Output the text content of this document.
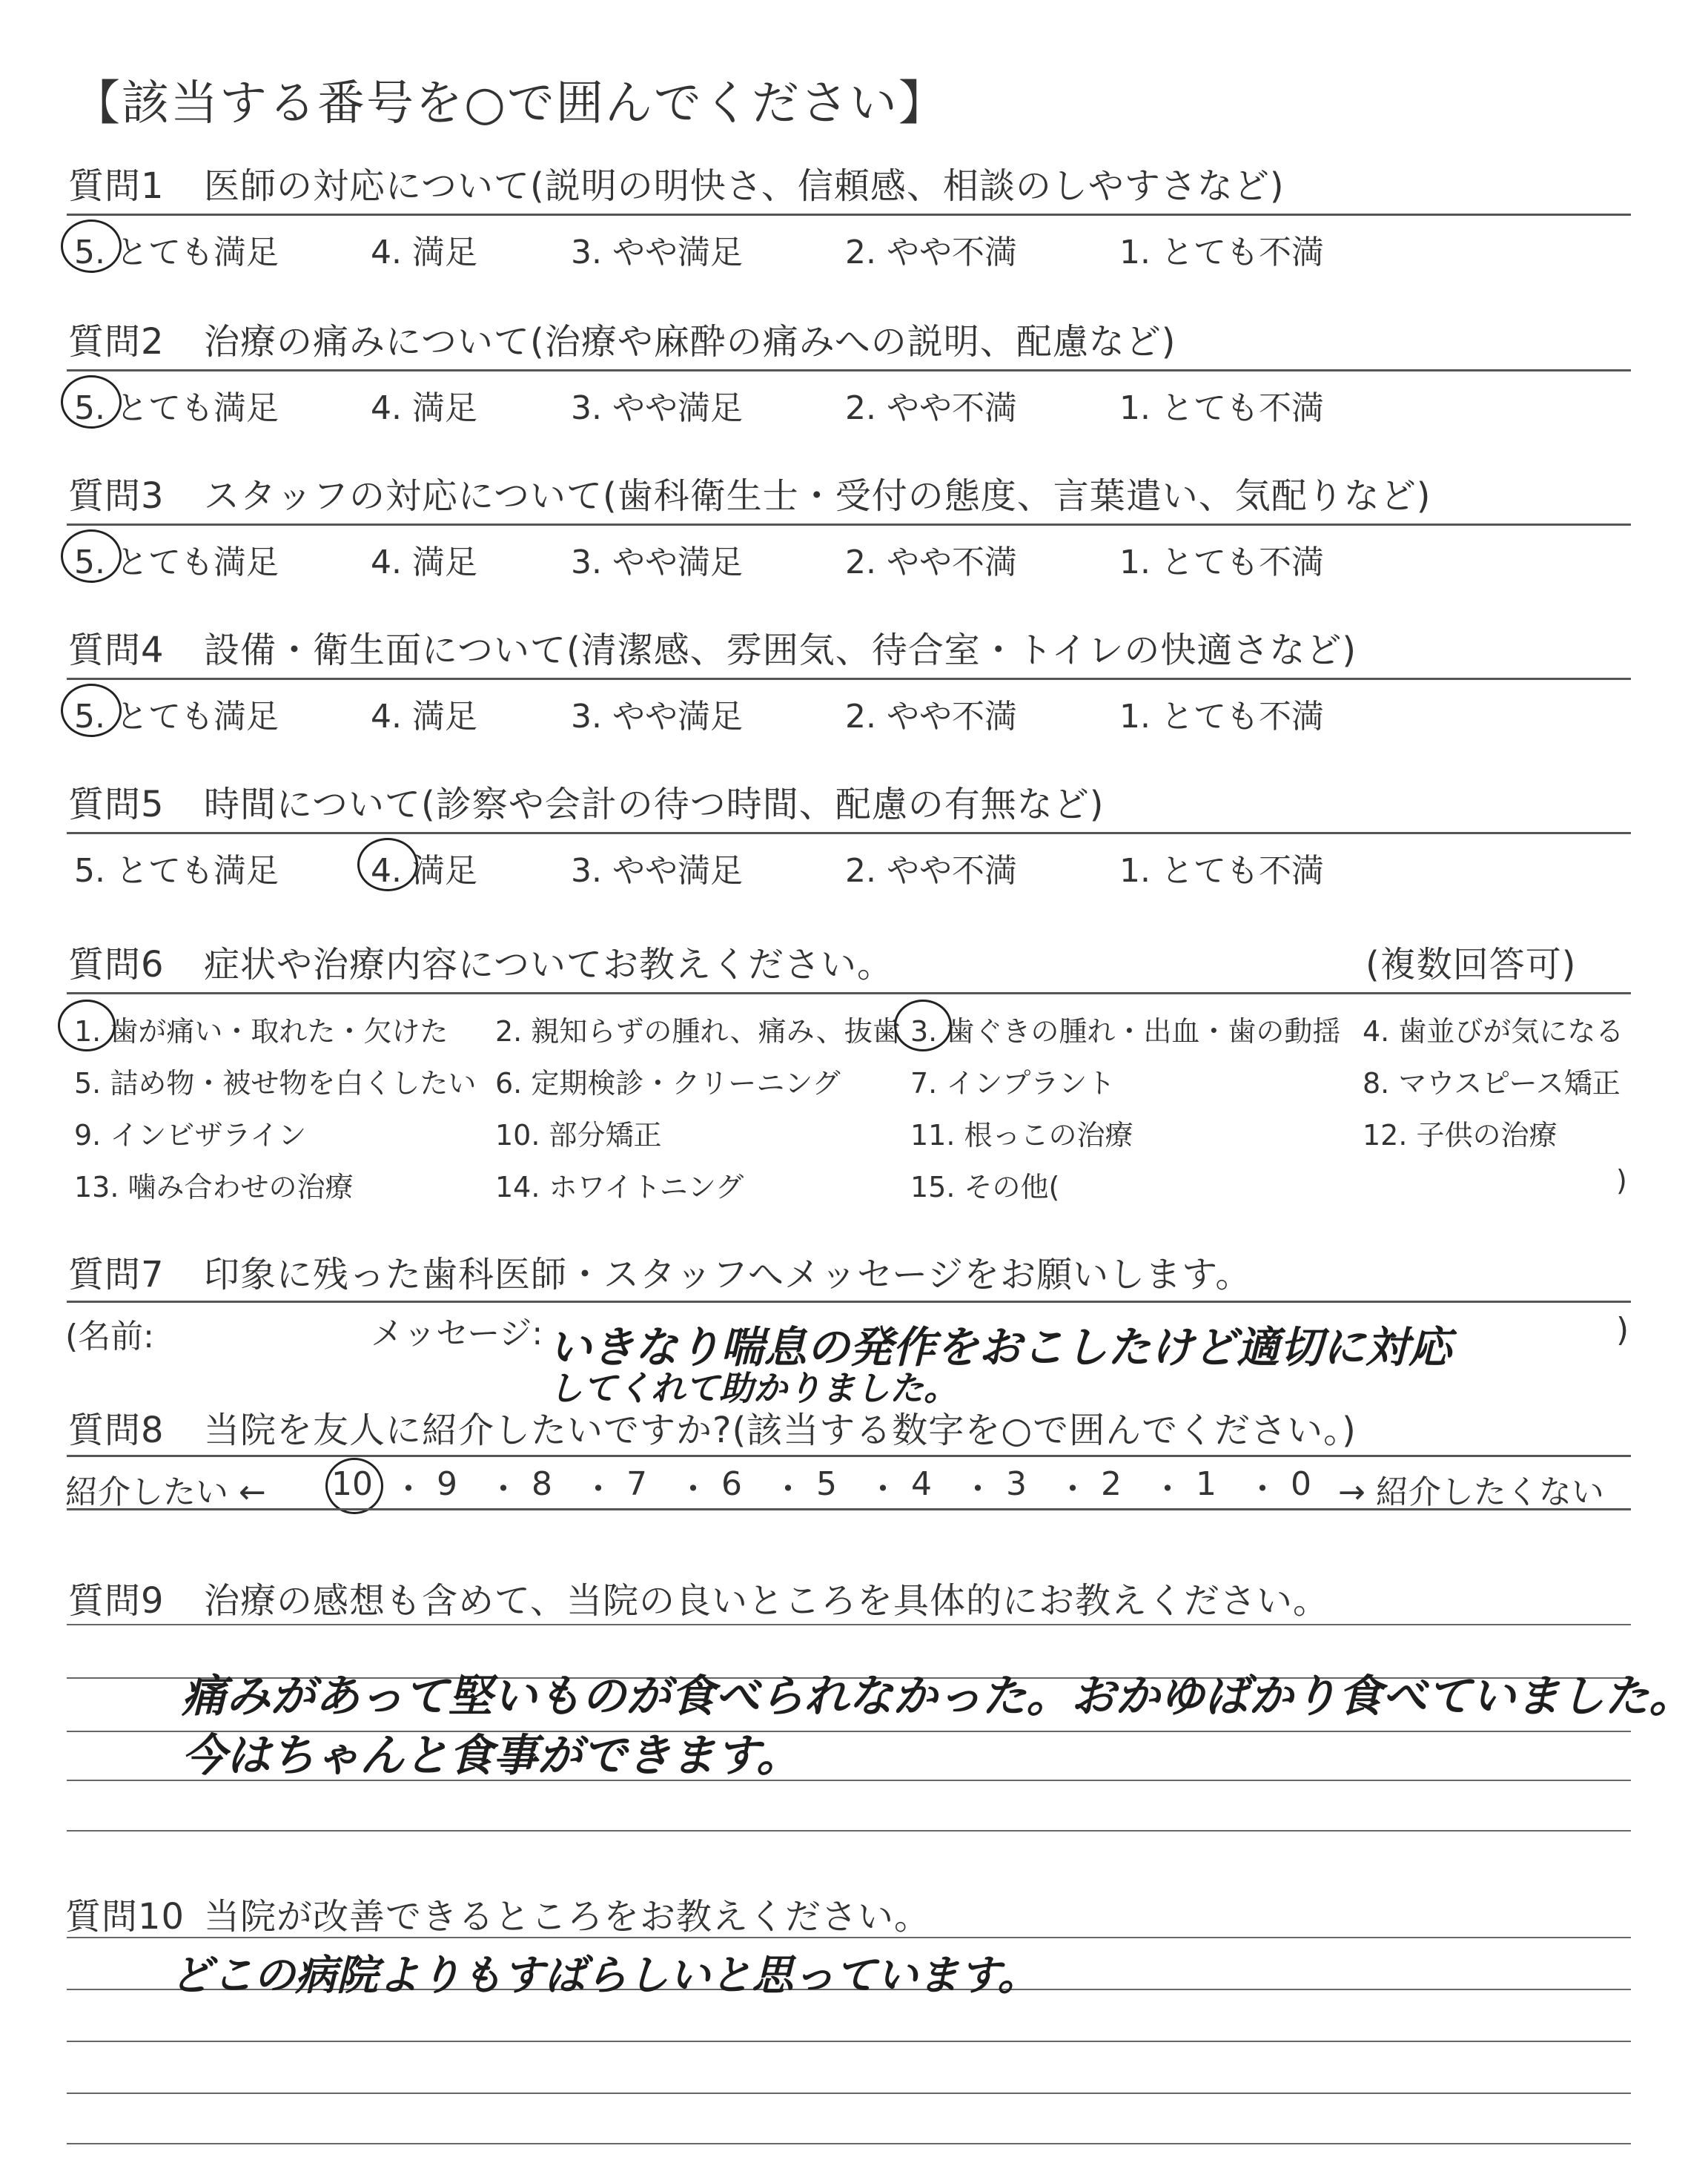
【該当する番号を○で囲んでください】
質問1 医師の対応について(説明の明快さ、信頼感、相談のしやすさなど)
5. とても満足	4. 満足	3. やや満足	2. やや不満	1. とても不満
質問2 治療の痛みについて(治療や麻酔の痛みへの説明、配慮など)
5. とても満足	4. 満足	3. やや満足	2. やや不満	1. とても不満
質問3 スタッフの対応について(歯科衛生士・受付の態度、言葉遣い、気配りなど)
5. とても満足	4. 満足	3. やや満足	2. やや不満	1. とても不満
質問4 設備・衛生面について(清潔感、雰囲気、待合室・トイレの快適さなど)
5. とても満足	4. 満足	3. やや満足	2. やや不満	1. とても不満
質問5 時間について(診察や会計の待つ時間、配慮の有無など)
5. とても満足	4. 満足	3. やや満足	2. やや不満	1. とても不満
質問6 症状や治療内容についてお教えください。	(複数回答可)
1. 歯が痛い・取れた・欠けた 2. 親知らずの腫れ、痛み、抜歯 3. 歯ぐきの腫れ・出血・歯の動揺 4. 歯並びが気になる
5. 詰め物・被せ物を白くしたい 6. 定期検診・クリーニング 7. インプラント	8. マウスピース矯正
9. インビザライン	10. 部分矯正	11. 根っこの治療	12. 子供の治療
13. 噛み合わせの治療	14. ホワイトニング	15. その他(	)
質問7 印象に残った歯科医師・スタッフへメッセージをお願いします。
(名前:	メッセージ:	)
いきなり喘息の発作をおこしたけど適切に対応
してくれて助かりました。
質問8 当院を友人に紹介したいですか?(該当する数字を○で囲んでください。)
紹介したい ←	→ 紹介したくない
10 ・ 9 ・ 8 ・ 7 ・ 6 ・ 5 ・ 4 ・ 3 ・ 2 ・ 1 ・ 0
質問9 治療の感想も含めて、当院の良いところを具体的にお教えください。
痛みがあって堅いものが食べられなかった。おかゆばかり食べていました。
今はちゃんと食事ができます。
質問10 当院が改善できるところをお教えください。
どこの病院よりもすばらしいと思っています。
